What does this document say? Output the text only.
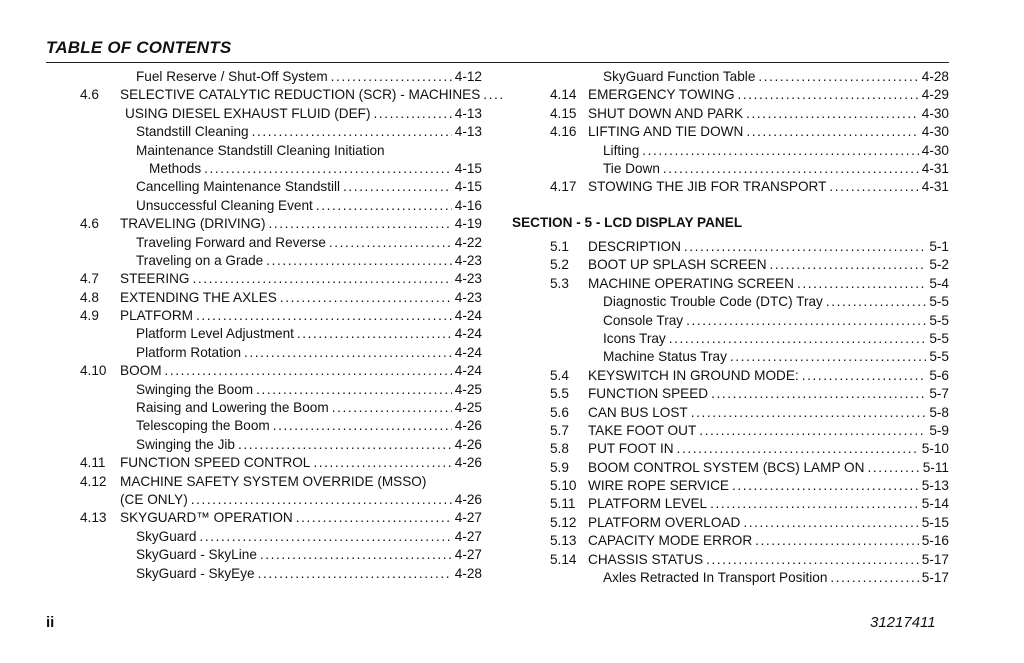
TABLE OF CONTENTS
Fuel Reserve / Shut-Off System .....	4-12
4.6	SELECTIVE CATALYTIC REDUCTION (SCR) - MACHINES
.....
USING DIESEL EXHAUST FLUID (DEF) .....	4-13
Standstill Cleaning .....	4-13
Maintenance Standstill Cleaning Initiation
Methods .....	4-15
Cancelling Maintenance Standstill .....	4-15
Unsuccessful Cleaning Event .....	4-16
4.6	TRAVELING (DRIVING) .....	4-19
Traveling Forward and Reverse .....	4-22
Traveling on a Grade .....	4-23
4.7	STEERING .....	4-23
4.8	EXTENDING THE AXLES .....	4-23
4.9	PLATFORM .....	4-24
Platform Level Adjustment .....	4-24
Platform Rotation .....	4-24
4.10 BOOM .....	4-24
Swinging the Boom .....	4-25
Raising and Lowering the Boom .....	4-25
Telescoping the Boom .....	4-26
Swinging the Jib .....	4-26
4.11	FUNCTION SPEED CONTROL .....	4-26
4.12 MACHINE SAFETY SYSTEM OVERRIDE (MSSO)
(CE ONLY) .....	4-26
4.13 SKYGUARD™ OPERATION .....	4-27
SkyGuard .....	4-27
SkyGuard - SkyLine .....	4-27
SkyGuard - SkyEye .....	4-28
SkyGuard Function Table .....	4-28
4.14 EMERGENCY TOWING .....	4-29
4.15 SHUT DOWN AND PARK .....	4-30
4.16 LIFTING AND TIE DOWN .....	4-30
Lifting .....	4-30
Tie Down .....	4-31
4.17 STOWING THE JIB FOR TRANSPORT .....	4-31
SECTION - 5 - LCD DISPLAY PANEL
5.1	DESCRIPTION .....	5-1
5.2	BOOT UP SPLASH SCREEN .....	5-2
5.3	MACHINE OPERATING SCREEN .....	5-4
Diagnostic Trouble Code (DTC) Tray .....	5-5
Console Tray .....	5-5
Icons Tray .....	5-5
Machine Status Tray .....	5-5
5.4	KEYSWITCH IN GROUND MODE: .....	5-6
5.5	FUNCTION SPEED .....	5-7
5.6	CAN BUS LOST .....	5-8
5.7	TAKE FOOT OUT .....	5-9
5.8	PUT FOOT IN .....	5-10
5.9	BOOM CONTROL SYSTEM (BCS) LAMP ON .....	5-11
5.10 WIRE ROPE SERVICE .....	5-13
5.11 PLATFORM LEVEL .....	5-14
5.12 PLATFORM OVERLOAD .....	5-15
5.13 CAPACITY MODE ERROR .....	5-16
5.14 CHASSIS STATUS .....	5-17
Axles Retracted In Transport Position .....	5-17
ii	31217411
